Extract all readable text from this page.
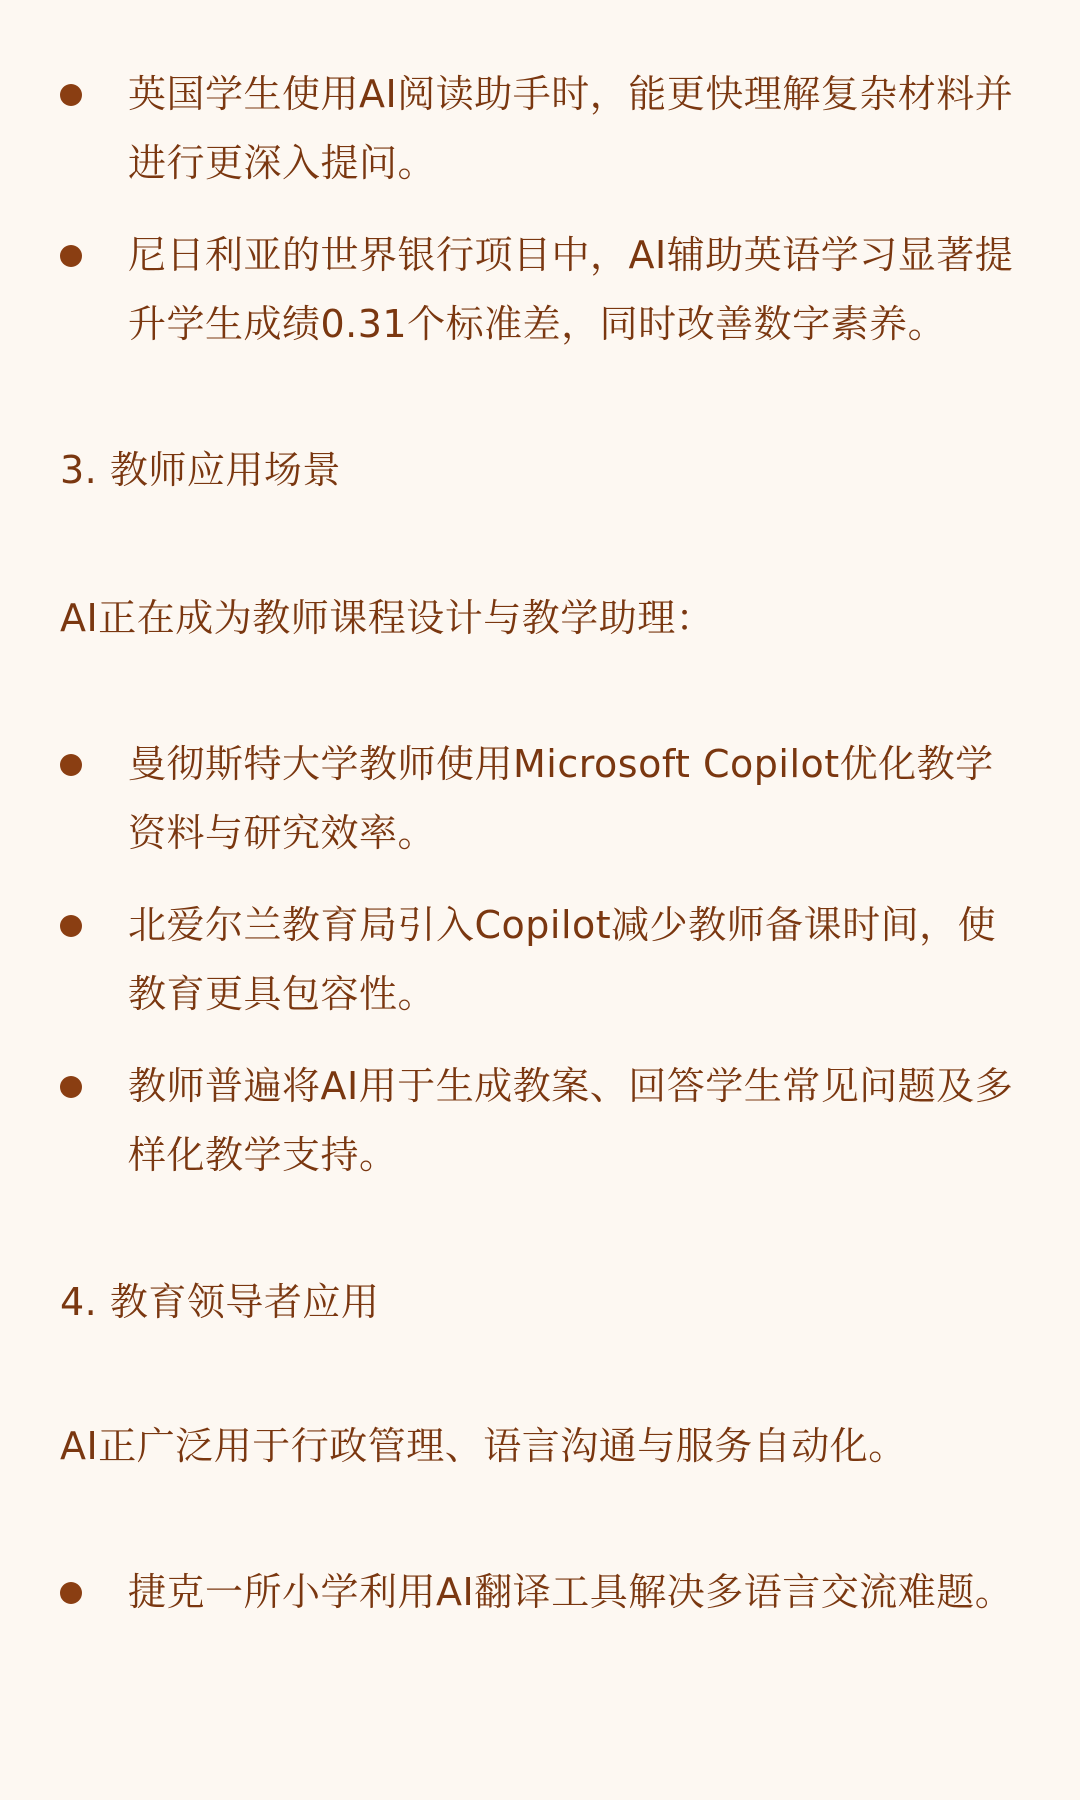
英国学生使用AI阅读助手时，能更快理解复杂材料并进行更深入提问。
尼日利亚的世界银行项目中，AI辅助英语学习显著提升学生成绩0.31个标准差，同时改善数字素养。
3. 教师应用场景

AI正在成为教师课程设计与教学助理：

曼彻斯特大学教师使用Microsoft Copilot优化教学资料与研究效率。
北爱尔兰教育局引入Copilot减少教师备课时间，使教育更具包容性。
教师普遍将AI用于生成教案、回答学生常见问题及多样化教学支持。
4. 教育领导者应用

AI正广泛用于行政管理、语言沟通与服务自动化。

捷克一所小学利用AI翻译工具解决多语言交流难题。
